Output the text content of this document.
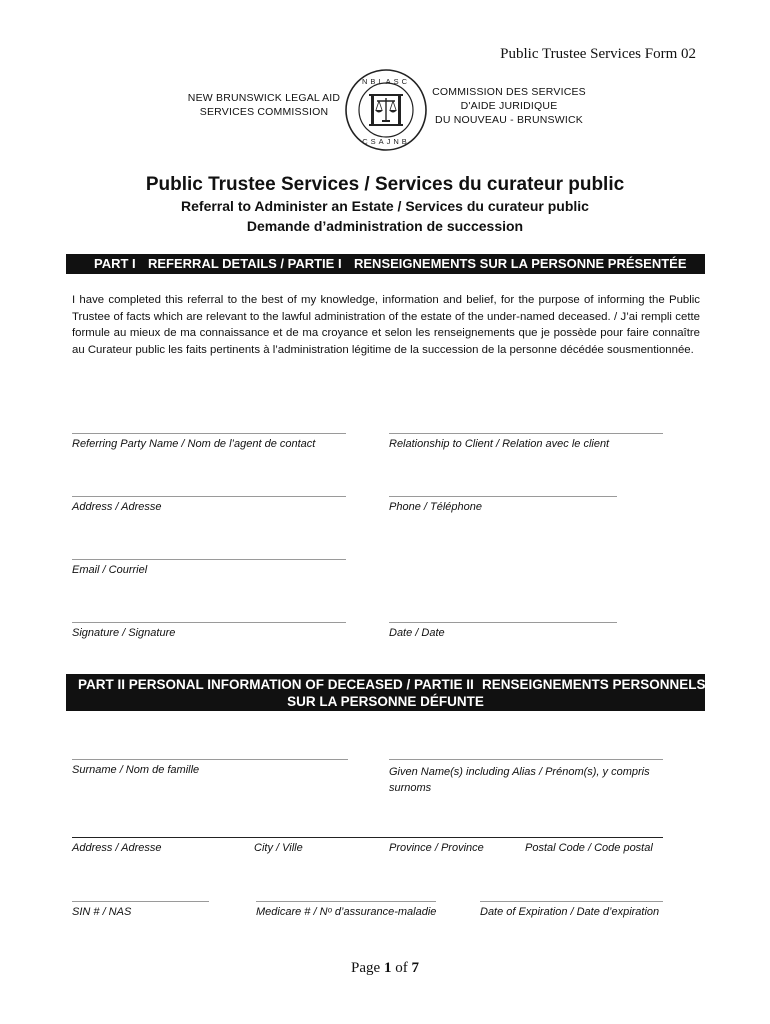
Public Trustee Services Form 02
NEW BRUNSWICK LEGAL AID
SERVICES COMMISSION
COMMISSION DES SERVICES
D'AIDE JURIDIQUE
DU NOUVEAU - BRUNSWICK
NBLASC
CSAJNB
Public Trustee Services / Services du curateur public
Referral to Administer an Estate / Services du curateur public
Demande d’administration de succession
PART I REFERRAL DETAILS / PARTIE I RENSEIGNEMENTS SUR LA PERSONNE PRÉSENTÉE
I have completed this referral to the best of my knowledge, information and belief, for the purpose of informing the Public Trustee of facts which are relevant to the lawful administration of the estate of the under-named deceased. / J’ai rempli cette formule au mieux de ma connaissance et de ma croyance et selon les renseignements que je possède pour faire connaître au Curateur public les faits pertinents à l’administration légitime de la succession de la personne décédée sousmentionnée.
Referring Party Name / Nom de l’agent de contact	Relationship to Client / Relation avec le client
Address / Adresse	Phone / Téléphone
Email / Courriel
Signature / Signature	Date / Date
PART II PERSONAL INFORMATION OF DECEASED / PARTIE II RENSEIGNEMENTS PERSONNELS
SUR LA PERSONNE DÉFUNTE
Surname / Nom de famille	Given Name(s) including Alias / Prénom(s), y compris surnoms
Address / Adresse	City / Ville	Province / Province	Postal Code / Code postal
SIN # / NAS	Medicare # / Nᵒ d’assurance-maladie	Date of Expiration / Date d’expiration
Page 1 of 7
